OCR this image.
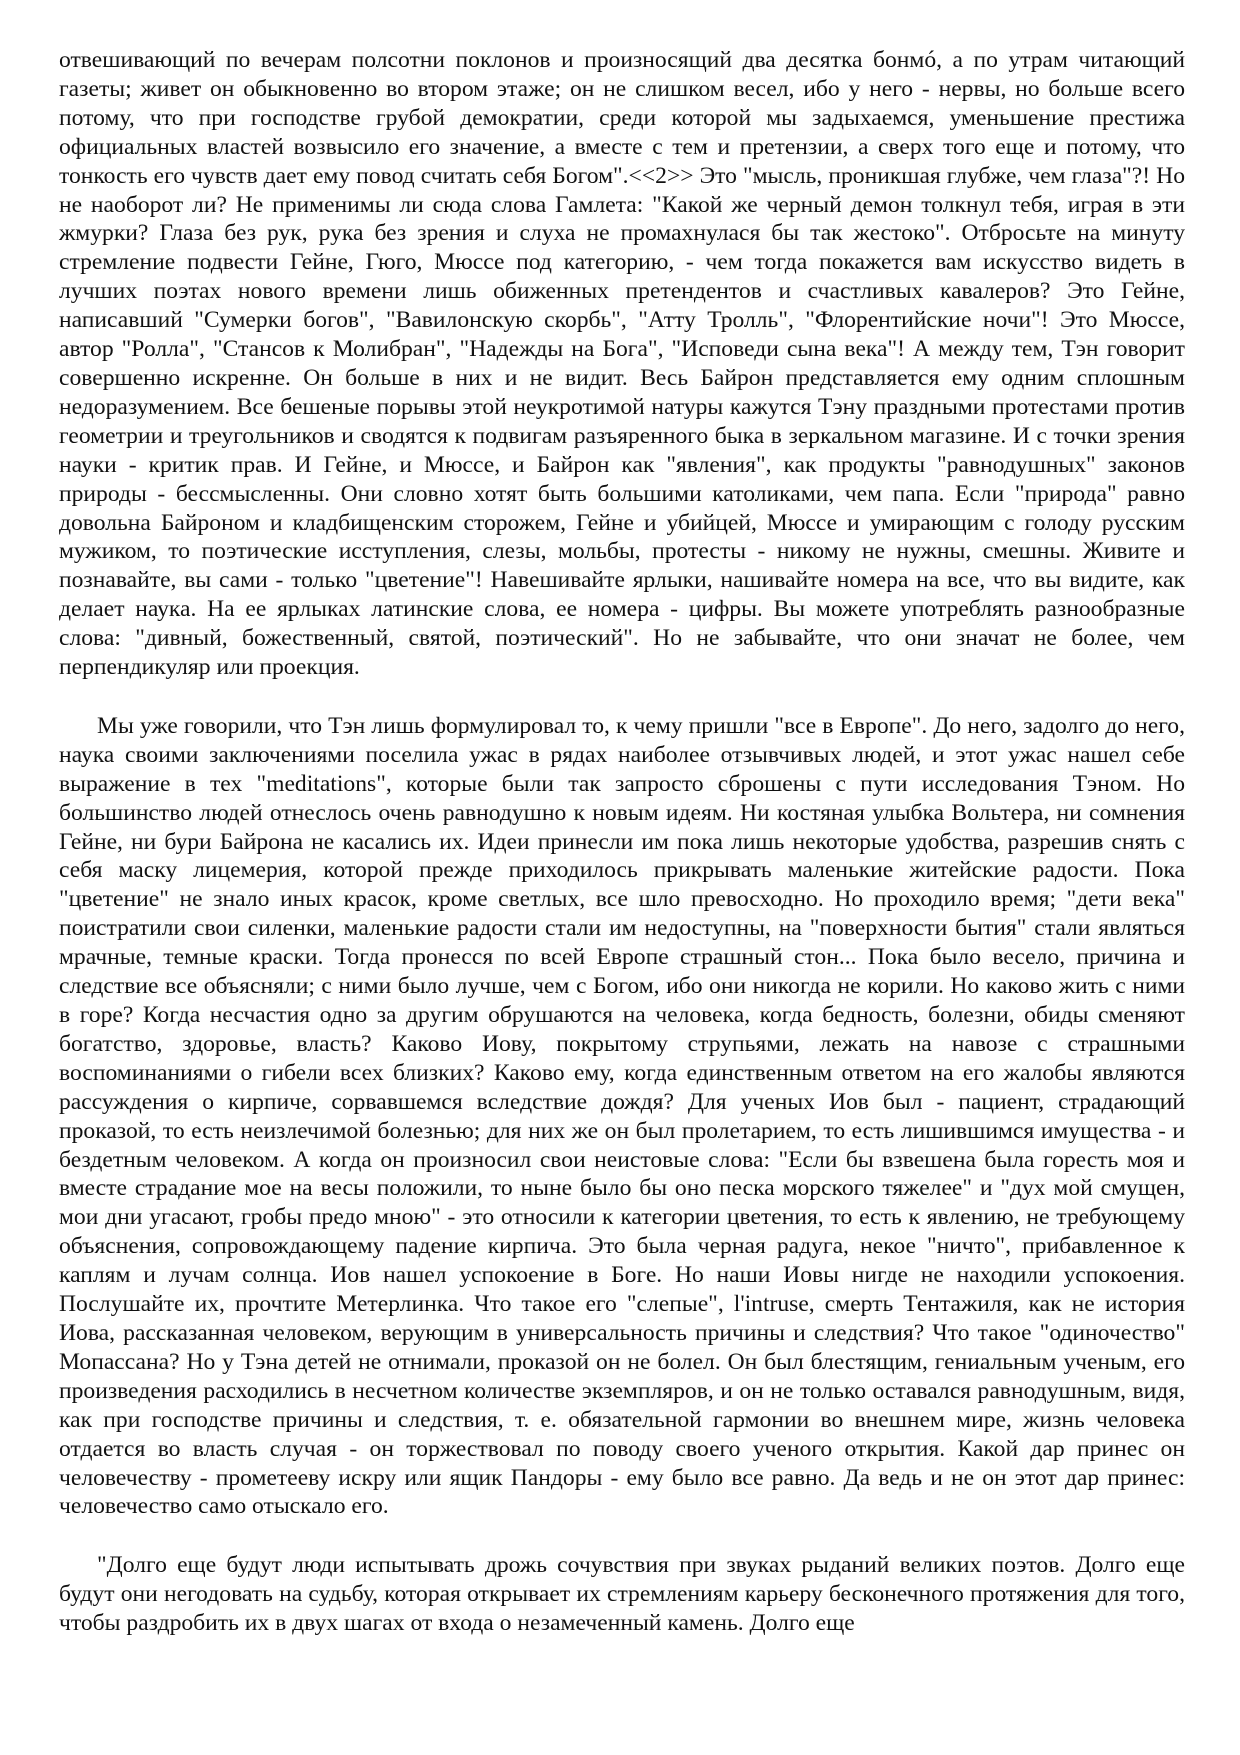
отвешивающий по вечерам полсотни поклонов и произносящий два десятка бонмó, а по утрам читающий газеты; живет он обыкновенно во втором этаже; он не слишком весел, ибо у него - нервы, но больше всего потому, что при господстве грубой демократии, среди которой мы задыхаемся, уменьшение престижа официальных властей возвысило его значение, а вместе с тем и претензии, а сверх того еще и потому, что тонкость его чувств дает ему повод считать себя Богом".<<2>> Это "мысль, проникшая глубже, чем глаза"?! Но не наоборот ли? Не применимы ли сюда слова Гамлета: "Какой же черный демон толкнул тебя, играя в эти жмурки? Глаза без рук, рука без зрения и слуха не промахнулася бы так жестоко". Отбросьте на минуту стремление подвести Гейне, Гюго, Мюссе под категорию, - чем тогда покажется вам искусство видеть в лучших поэтах нового времени лишь обиженных претендентов и счастливых кавалеров? Это Гейне, написавший "Сумерки богов", "Вавилонскую скорбь", "Атту Тролль", "Флорентийские ночи"! Это Мюссе, автор "Ролла", "Стансов к Молибран", "Надежды на Бога", "Исповеди сына века"! А между тем, Тэн говорит совершенно искренне. Он больше в них и не видит. Весь Байрон представляется ему одним сплошным недоразумением. Все бешеные порывы этой неукротимой натуры кажутся Тэну праздными протестами против геометрии и треугольников и сводятся к подвигам разъяренного быка в зеркальном магазине. И с точки зрения науки - критик прав. И Гейне, и Мюссе, и Байрон как "явления", как продукты "равнодушных" законов природы - бессмысленны. Они словно хотят быть большими католиками, чем папа. Если "природа" равно довольна Байроном и кладбищенским сторожем, Гейне и убийцей, Мюссе и умирающим с голоду русским мужиком, то поэтические исступления, слезы, мольбы, протесты - никому не нужны, смешны. Живите и познавайте, вы сами - только "цветение"! Навешивайте ярлыки, нашивайте номера на все, что вы видите, как делает наука. На ее ярлыках латинские слова, ее номера - цифры. Вы можете употреблять разнообразные слова: "дивный, божественный, святой, поэтический". Но не забывайте, что они значат не более, чем перпендикуляр или проекция.

Мы уже говорили, что Тэн лишь формулировал то, к чему пришли "все в Европе". До него, задолго до него, наука своими заключениями поселила ужас в рядах наиболее отзывчивых людей, и этот ужас нашел себе выражение в тех "meditations", которые были так запросто сброшены с пути исследования Тэном. Но большинство людей отнеслось очень равнодушно к новым идеям. Ни костяная улыбка Вольтера, ни сомнения Гейне, ни бури Байрона не касались их. Идеи принесли им пока лишь некоторые удобства, разрешив снять с себя маску лицемерия, которой прежде приходилось прикрывать маленькие житейские радости. Пока "цветение" не знало иных красок, кроме светлых, все шло превосходно. Но проходило время; "дети века" поистратили свои силенки, маленькие радости стали им недоступны, на "поверхности бытия" стали являться мрачные, темные краски. Тогда пронесся по всей Европе страшный стон... Пока было весело, причина и следствие все объясняли; с ними было лучше, чем с Богом, ибо они никогда не корили. Но каково жить с ними в горе? Когда несчастия одно за другим обрушаются на человека, когда бедность, болезни, обиды сменяют богатство, здоровье, власть? Каково Иову, покрытому струпьями, лежать на навозе с страшными воспоминаниями о гибели всех близких? Каково ему, когда единственным ответом на его жалобы являются рассуждения о кирпиче, сорвавшемся вследствие дождя? Для ученых Иов был - пациент, страдающий проказой, то есть неизлечимой болезнью; для них же он был пролетарием, то есть лишившимся имущества - и бездетным человеком. А когда он произносил свои неистовые слова: "Если бы взвешена была горесть моя и вместе страдание мое на весы положили, то ныне было бы оно песка морского тяжелее" и "дух мой смущен, мои дни угасают, гробы предо мною" - это относили к категории цветения, то есть к явлению, не требующему объяснения, сопровождающему падение кирпича. Это была черная радуга, некое "ничто", прибавленное к каплям и лучам солнца. Иов нашел успокоение в Боге. Но наши Иовы нигде не находили успокоения. Послушайте их, прочтите Метерлинка. Что такое его "слепые", l'intruse, смерть Тентажиля, как не история Иова, рассказанная человеком, верующим в универсальность причины и следствия? Что такое "одиночество" Мопассана? Но у Тэна детей не отнимали, проказой он не болел. Он был блестящим, гениальным ученым, его произведения расходились в несчетном количестве экземпляров, и он не только оставался равнодушным, видя, как при господстве причины и следствия, т. е. обязательной гармонии во внешнем мире, жизнь человека отдается во власть случая - он торжествовал по поводу своего ученого открытия. Какой дар принес он человечеству - прометееву искру или ящик Пандоры - ему было все равно. Да ведь и не он этот дар принес: человечество само отыскало его.

"Долго еще будут люди испытывать дрожь сочувствия при звуках рыданий великих поэтов. Долго еще будут они негодовать на судьбу, которая открывает их стремлениям карьеру бесконечного протяжения для того, чтобы раздробить их в двух шагах от входа о незамеченный камень. Долго еще
